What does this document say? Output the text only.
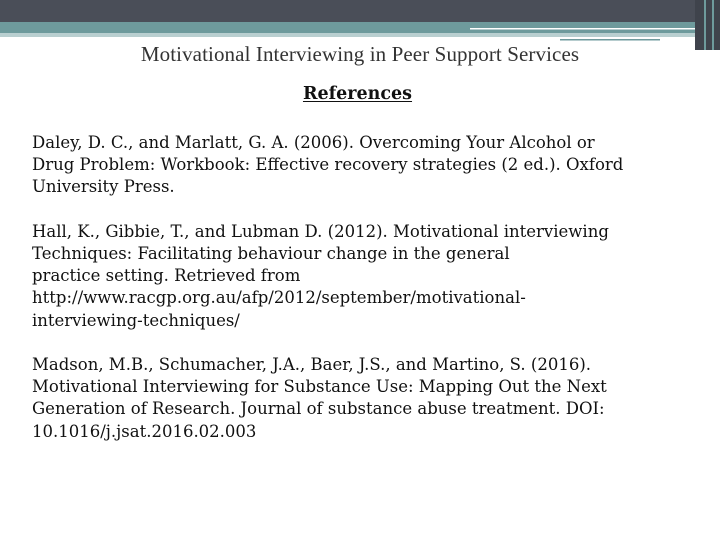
Motivational Interviewing in Peer Support Services
References

Daley, D. C., and Marlatt, G. A. (2006). Overcoming Your Alcohol or
Drug Problem: Workbook: Effective recovery strategies (2 ed.). Oxford
University Press.

Hall, K., Gibbie, T., and Lubman D. (2012). Motivational interviewing
Techniques: Facilitating behaviour change in the general
practice setting. Retrieved from
http://www.racgp.org.au/afp/2012/september/motivational-
interviewing-techniques/

Madson, M.B., Schumacher, J.A., Baer, J.S., and Martino, S. (2016).
Motivational Interviewing for Substance Use: Mapping Out the Next
Generation of Research. Journal of substance abuse treatment. DOI:
10.1016/j.jsat.2016.02.003
